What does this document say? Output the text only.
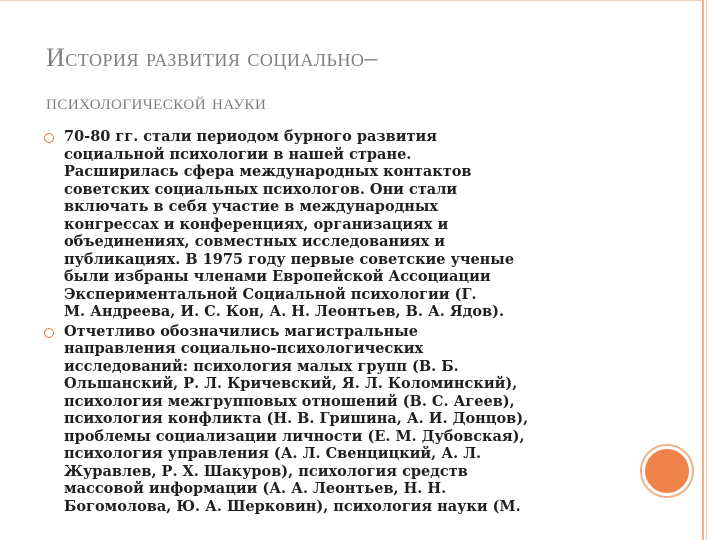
История развития социально–
психологической науки
70-80 гг. стали периодом бурного развития
социальной психологии в нашей стране.
Расширилась сфера международных контактов
советских социальных психологов. Они стали
включать в себя участие в международных
конгрессах и конференциях, организациях и
объединениях, совместных исследованиях и
публикациях. В 1975 году первые советские ученые
были избраны членами Европейской Ассоциации
Экспериментальной Социальной психологии (Г.
М. Андреева, И. С. Кон, А. Н. Леонтьев, В. А. Ядов).
Отчетливо обозначились магистральные
направления социально-психологических
исследований: психология малых групп (В. Б.
Ольшанский, Р. Л. Кричевский, Я. Л. Коломинский),
психология межгрупповых отношений (В. С. Агеев),
психология конфликта (Н. В. Гришина, А. И. Донцов),
проблемы социализации личности (Е. М. Дубовская),
психология управления (А. Л. Свенцицкий, А. Л.
Журавлев, Р. Х. Шакуров), психология средств
массовой информации (А. А. Леонтьев, Н. Н.
Богомолова, Ю. А. Шерковин), психология науки (М.
